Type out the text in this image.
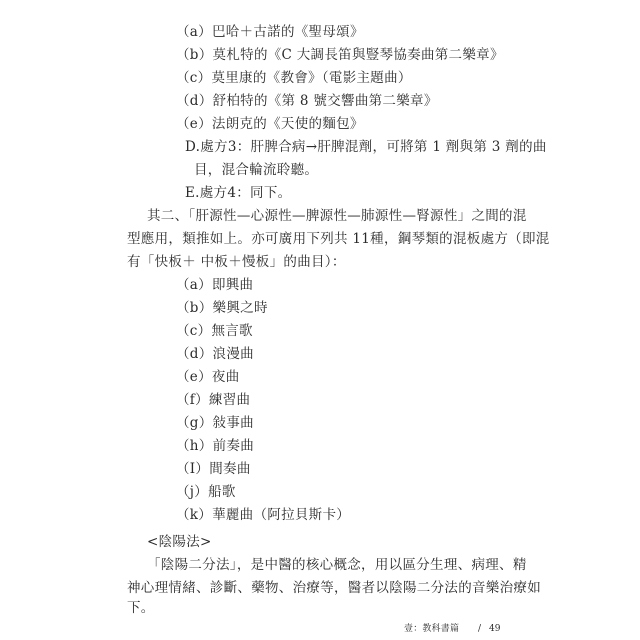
（a）巴哈＋古諾的《聖母頌》
（b）莫札特的《C 大調長笛與豎琴協奏曲第二樂章》
（c）莫里康的《教會》（電影主題曲）
（d）舒柏特的《第 8 號交響曲第二樂章》
（e）法朗克的《天使的麵包》
D.處方3：肝脾合病→肝脾混劑，可將第 1 劑與第 3 劑的曲
目，混合輪流聆聽。
E.處方4：同下。
其二、「肝源性—心源性—脾源性—肺源性—腎源性」之間的混
型應用，類推如上。亦可廣用下列共 11種，鋼琴類的混板處方（即混
有「快板＋ 中板＋慢板」的曲目）：
（a）即興曲
（b）樂興之時
（c）無言歌
（d）浪漫曲
（e）夜曲
（f）練習曲
（g）敍事曲
（h）前奏曲
（I）間奏曲
（j）船歌
（k）華麗曲（阿拉貝斯卡）
<陰陽法>
「陰陽二分法」，是中醫的核心概念，用以區分生理、病理、精
壹：教科書篇 / 49
神心理情緒、診斷、藥物、治療等，醫者以陰陽二分法的音樂治療如
下。
